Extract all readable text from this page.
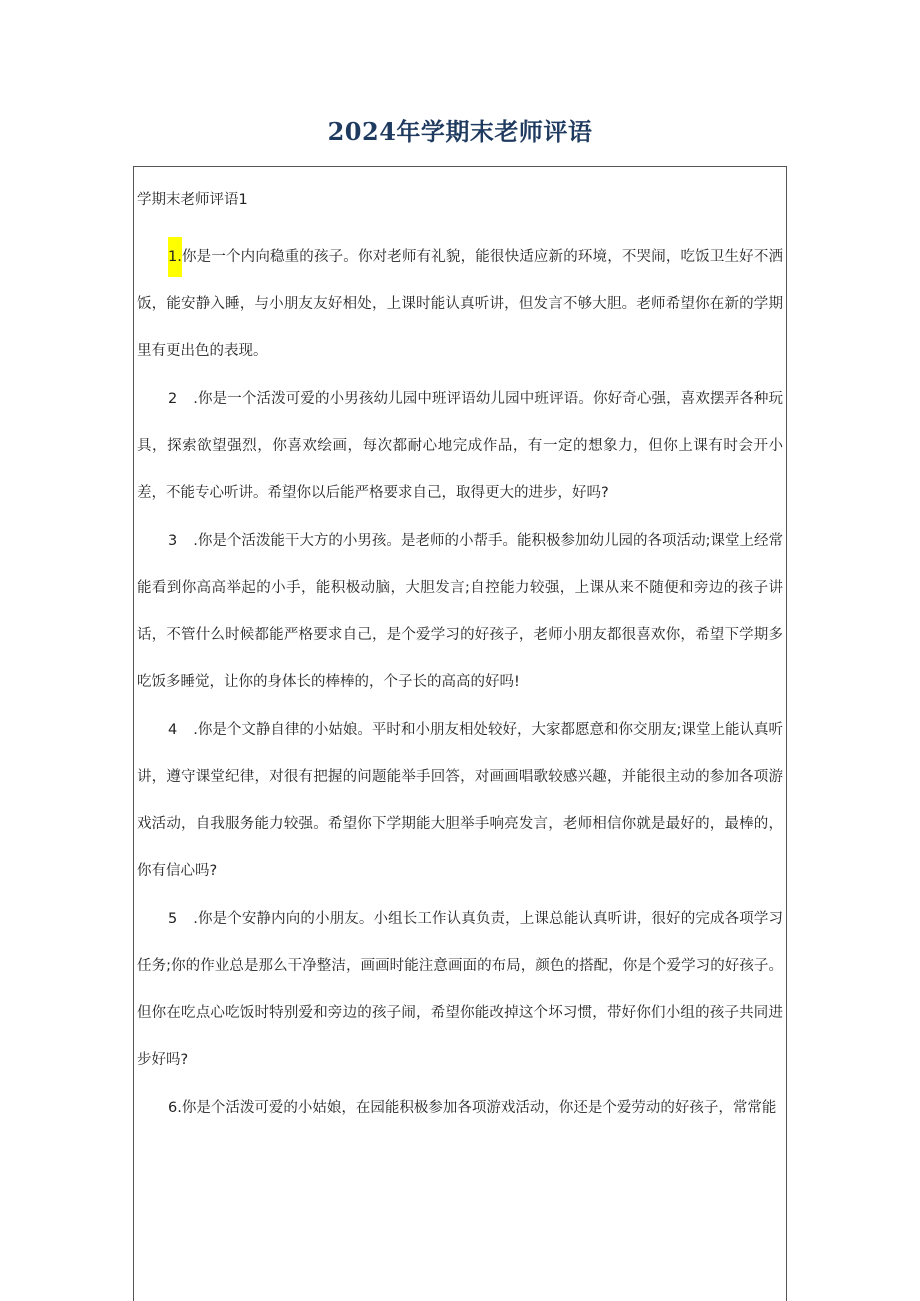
2024年学期末老师评语
学期末老师评语1

1.你是一个内向稳重的孩子。你对老师有礼貌，能很快适应新的环境，不哭闹，吃饭卫生好不洒饭，能安静入睡，与小朋友友好相处，上课时能认真听讲，但发言不够大胆。老师希望你在新的学期里有更出色的表现。

2 .你是一个活泼可爱的小男孩幼儿园中班评语幼儿园中班评语。你好奇心强，喜欢摆弄各种玩具，探索欲望强烈，你喜欢绘画，每次都耐心地完成作品，有一定的想象力，但你上课有时会开小差，不能专心听讲。希望你以后能严格要求自己，取得更大的进步，好吗?

3 .你是个活泼能干大方的小男孩。是老师的小帮手。能积极参加幼儿园的各项活动;课堂上经常能看到你高高举起的小手，能积极动脑，大胆发言;自控能力较强，上课从来不随便和旁边的孩子讲话，不管什么时候都能严格要求自己，是个爱学习的好孩子，老师小朋友都很喜欢你，希望下学期多吃饭多睡觉，让你的身体长的棒棒的，个子长的高高的好吗!

4 .你是个文静自律的小姑娘。平时和小朋友相处较好，大家都愿意和你交朋友;课堂上能认真听讲，遵守课堂纪律，对很有把握的问题能举手回答，对画画唱歌较感兴趣，并能很主动的参加各项游戏活动，自我服务能力较强。希望你下学期能大胆举手响亮发言，老师相信你就是最好的，最棒的，你有信心吗?

5 .你是个安静内向的小朋友。小组长工作认真负责，上课总能认真听讲，很好的完成各项学习任务;你的作业总是那么干净整洁，画画时能注意画面的布局，颜色的搭配，你是个爱学习的好孩子。但你在吃点心吃饭时特别爱和旁边的孩子闹，希望你能改掉这个坏习惯，带好你们小组的孩子共同进步好吗?

6.你是个活泼可爱的小姑娘，在园能积极参加各项游戏活动，你还是个爱劳动的好孩子，常常能
